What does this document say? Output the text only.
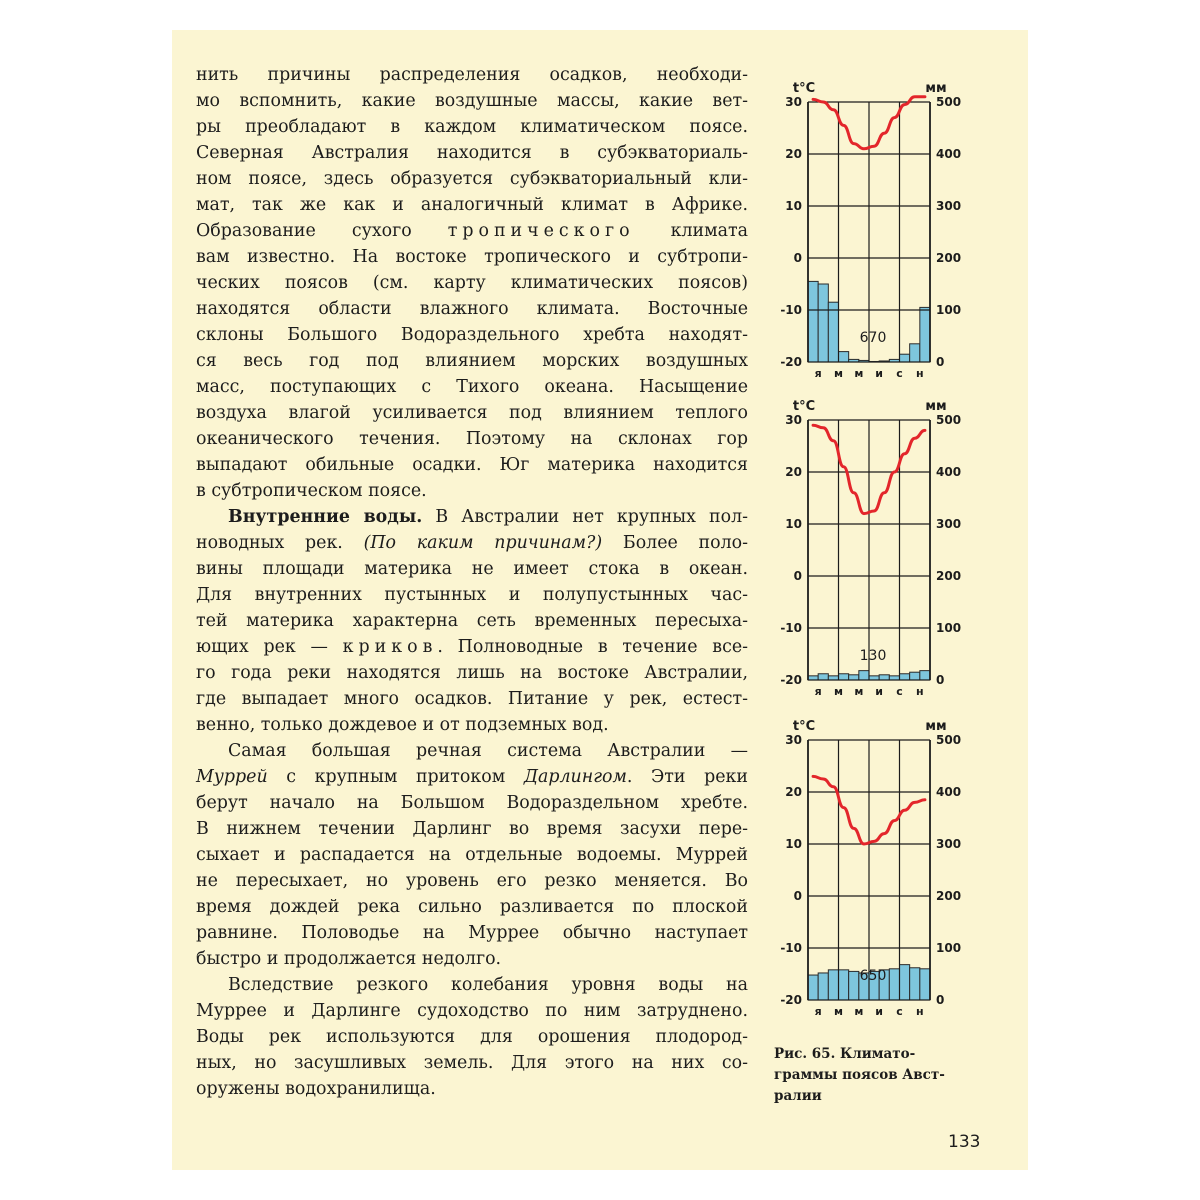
нить причины распределения осадков, необходи-
мо вспомнить, какие воздушные массы, какие вет-
ры преобладают в каждом климатическом поясе.
Северная Австралия находится в субэкваториаль-
ном поясе, здесь образуется субэкваториальный кли-
мат, так же как и аналогичный климат в Африке.
Образование сухого тропического климата
вам известно. На востоке тропического и субтропи-
ческих поясов (см. карту климатических поясов)
находятся области влажного климата. Восточные
склоны Большого Водораздельного хребта находят-
ся весь год под влиянием морских воздушных
масс, поступающих с Тихого океана. Насыщение
воздуха влагой усиливается под влиянием теплого
океанического течения. Поэтому на склонах гор
выпадают обильные осадки. Юг материка находится

в субтропическом поясе.

Внутренние воды. В Австралии нет крупных пол-
новодных рек. (По каким причинам?) Более поло-
вины площади материка не имеет стока в океан.
Для внутренних пустынных и полупустынных час-
тей материка характерна сеть временных пересыха-
ющих рек — криков. Полноводные в течение все-
го года реки находятся лишь на востоке Австралии,
где выпадает много осадков. Питание у рек, естест-

венно, только дождевое и от подземных вод.

Самая большая речная система Австралии —
Муррей с крупным притоком Дарлингом. Эти реки
берут начало на Большом Водораздельном хребте.
В нижнем течении Дарлинг во время засухи пере-
сыхает и распадается на отдельные водоемы. Муррей
не пересыхает, но уровень его резко меняется. Во
время дождей река сильно разливается по плоской
равнине. Половодье на Муррее обычно наступает

быстро и продолжается недолго.

Вследствие резкого колебания уровня воды на
Муррее и Дарлинге судоходство по ним затруднено.
Воды рек используются для орошения плодород-
ных, но засушливых земель. Для этого на них со-

оружены водохранилища.

30	500
20	400
10	300
0	200
-10	100
-20	0
670
t°C	мм
я м м и с н
30	500
20	400
10	300
0	200
-10	100
-20	0
130
t°C	мм
я м м и с н
30	500
20	400
10	300
0	200
-10	100
-20	0
650
t°C	мм
я м м и с н
Рис. 65. Климато-
граммы поясов Авст-
ралии
133
